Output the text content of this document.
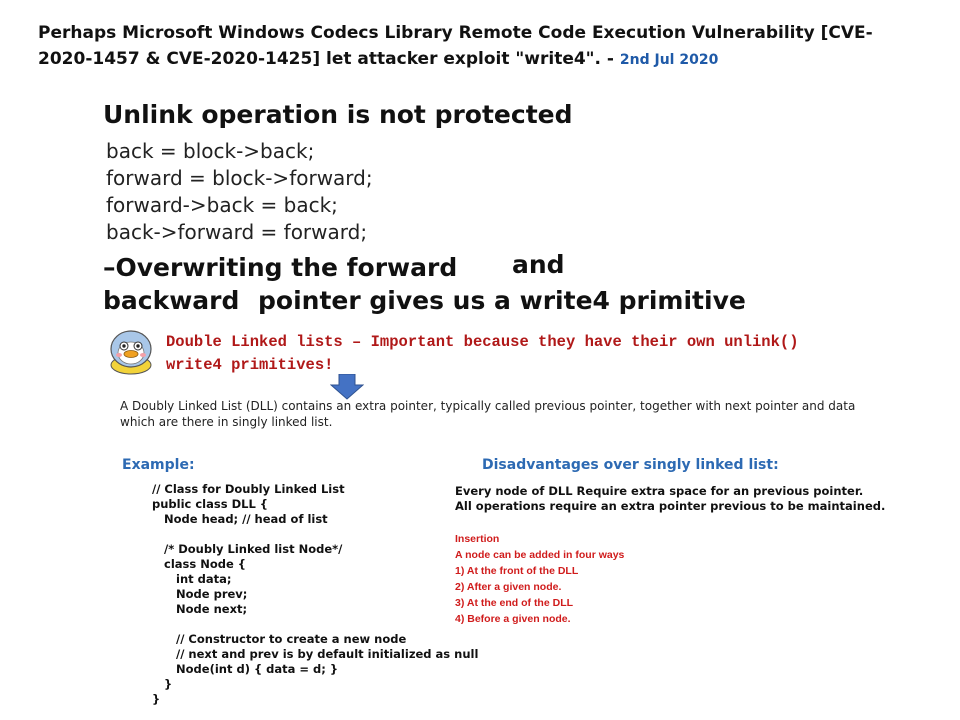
Perhaps Microsoft Windows Codecs Library Remote Code Execution Vulnerability [CVE-2020-1457 & CVE-2020-1425] let attacker exploit "write4". - 2nd Jul 2020
Unlink operation is not protected
back = block->back;
forward = block->forward;
forward->back = back;
back->forward = forward;
–Overwriting the forward and
backward pointer gives us a write4 primitive
Double Linked lists – Important because they have their own unlink()
write4 primitives!
A Doubly Linked List (DLL) contains an extra pointer, typically called previous pointer, together with next pointer and data which are there in singly linked list.
Example:	Disadvantages over singly linked list:
// Class for Doubly Linked List
public class DLL {
Node head; // head of list
/* Doubly Linked list Node*/
class Node {
int data;
Node prev;
Node next;
// Constructor to create a new node
// next and prev is by default initialized as null
Node(int d) { data = d; }
}
}
Every node of DLL Require extra space for an previous pointer.
All operations require an extra pointer previous to be maintained.
Insertion
A node can be added in four ways
1) At the front of the DLL
2) After a given node.
3) At the end of the DLL
4) Before a given node.
